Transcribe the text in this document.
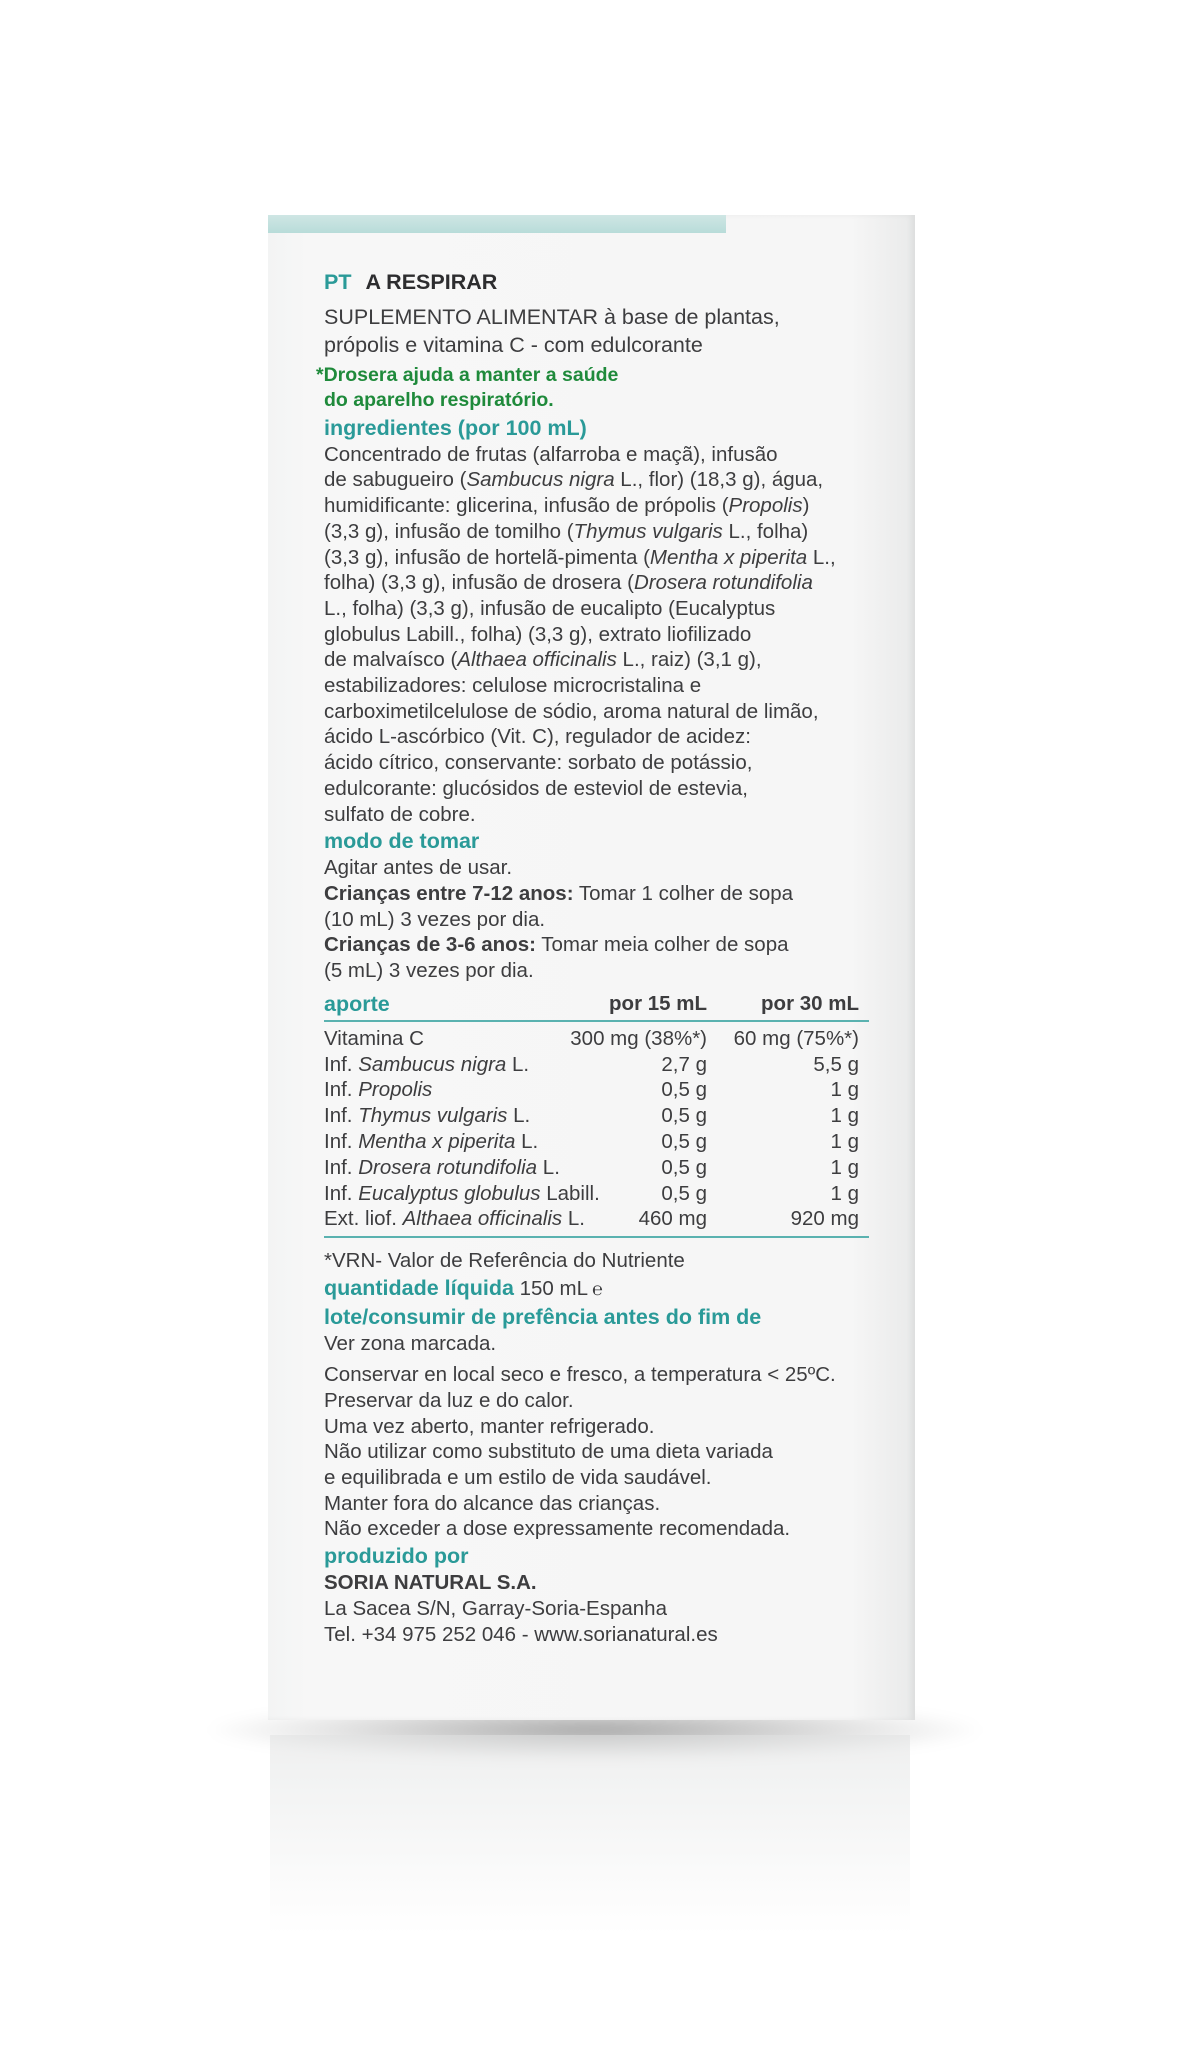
PT A RESPIRAR
SUPLEMENTO ALIMENTAR à base de plantas,
própolis e vitamina C - com edulcorante
*Drosera ajuda a manter a saúde
do aparelho respiratório.
ingredientes (por 100 mL)
Concentrado de frutas (alfarroba e maçã), infusão
de sabugueiro (Sambucus nigra L., flor) (18,3 g), água,
humidificante: glicerina, infusão de própolis (Propolis)
(3,3 g), infusão de tomilho (Thymus vulgaris L., folha)
(3,3 g), infusão de hortelã-pimenta (Mentha x piperita L.,
folha) (3,3 g), infusão de drosera (Drosera rotundifolia
L., folha) (3,3 g), infusão de eucalipto (Eucalyptus
globulus Labill., folha) (3,3 g), extrato liofilizado
de malvaísco (Althaea officinalis L., raiz) (3,1 g),
estabilizadores: celulose microcristalina e
carboximetilcelulose de sódio, aroma natural de limão,
ácido L-ascórbico (Vit. C), regulador de acidez:
ácido cítrico, conservante: sorbato de potássio,
edulcorante: glucósidos de esteviol de estevia,
sulfato de cobre.
modo de tomar
Agitar antes de usar.
Crianças entre 7-12 anos: Tomar 1 colher de sopa
(10 mL) 3 vezes por dia.
Crianças de 3-6 anos: Tomar meia colher de sopa
(5 mL) 3 vezes por dia.
aporte	por 15 mL	por 30 mL
Vitamina C	300 mg (38%*)	60 mg (75%*)
Inf. Sambucus nigra L.	2,7 g	5,5 g
Inf. Propolis	0,5 g	1 g
Inf. Thymus vulgaris L.	0,5 g	1 g
Inf. Mentha x piperita L.	0,5 g	1 g
Inf. Drosera rotundifolia L.	0,5 g	1 g
Inf. Eucalyptus globulus Labill.	0,5 g	1 g
Ext. liof. Althaea officinalis L.	460 mg	920 mg
*VRN- Valor de Referência do Nutriente
quantidade líquida 150 mL ℮
lote/consumir de prefência antes do fim de
Ver zona marcada.
Conservar en local seco e fresco, a temperatura < 25ºC.
Preservar da luz e do calor.
Uma vez aberto, manter refrigerado.
Não utilizar como substituto de uma dieta variada
e equilibrada e um estilo de vida saudável.
Manter fora do alcance das crianças.
Não exceder a dose expressamente recomendada.
produzido por
SORIA NATURAL S.A.
La Sacea S/N, Garray-Soria-Espanha
Tel. +34 975 252 046 - www.sorianatural.es
